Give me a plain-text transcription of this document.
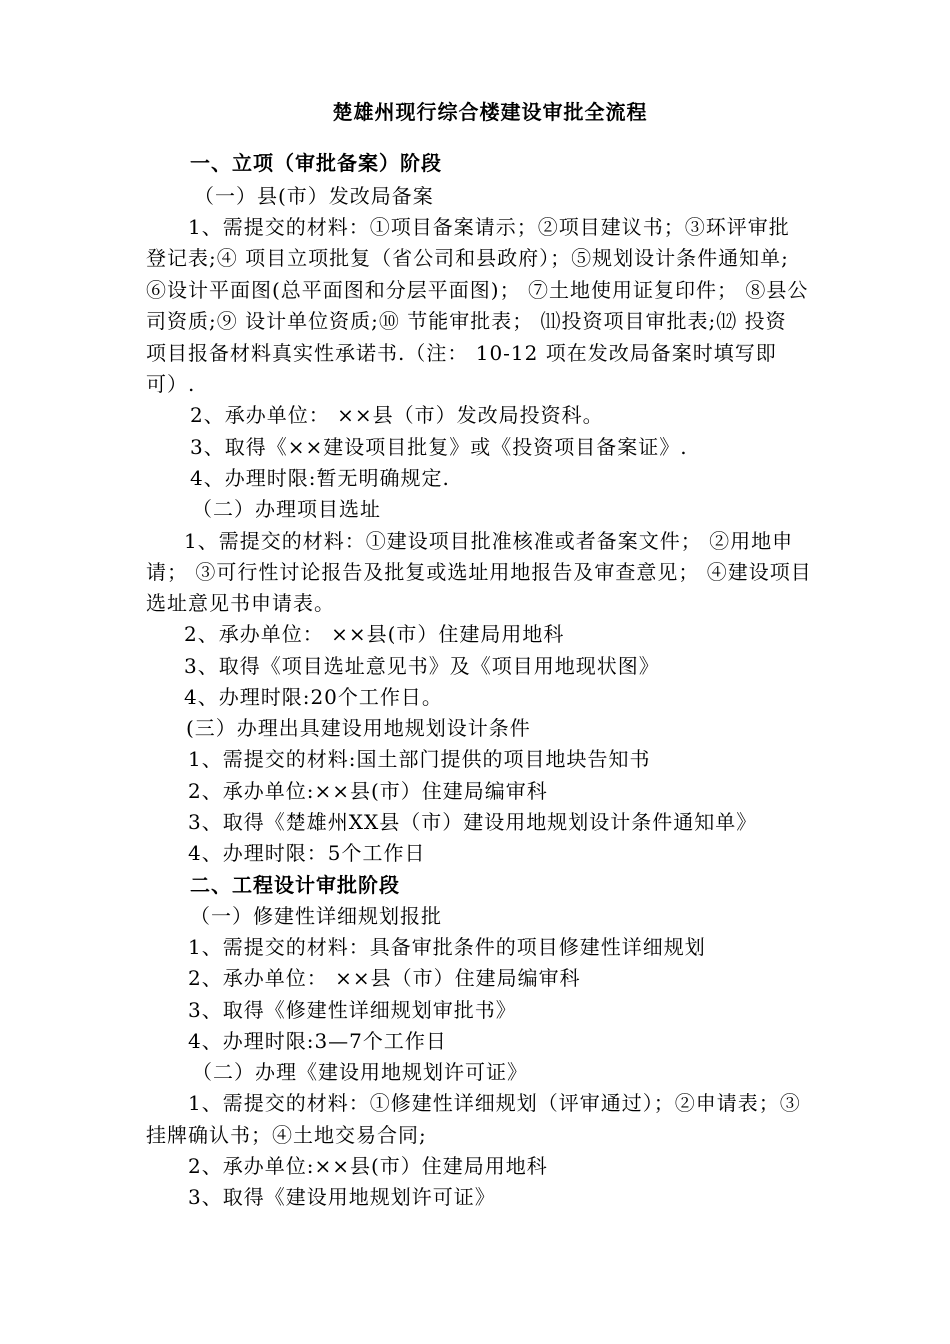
楚雄州现行综合楼建设审批全流程
一、立项（审批备案）阶段
（一）县(市）发改局备案
1、需提交的材料：①项目备案请示；②项目建议书；③环评审批
登记表;④ 项目立项批复（省公司和县政府）；⑤规划设计条件通知单;
⑥设计平面图(总平面图和分层平面图)； ⑦土地使用证复印件； ⑧县公
司资质;⑨ 设计单位资质;⑩ 节能审批表； ⑾投资项目审批表;⑿ 投资
项目报备材料真实性承诺书.（注： 10-12 项在发改局备案时填写即
可）.
2、承办单位： ××县（市）发改局投资科。
3、取得《××建设项目批复》或《投资项目备案证》.
4、办理时限:暂无明确规定.
（二）办理项目选址
1、需提交的材料：①建设项目批准核准或者备案文件； ②用地申
请； ③可行性讨论报告及批复或选址用地报告及审查意见； ④建设项目
选址意见书申请表。
2、承办单位： ××县(市）住建局用地科
3、取得《项目选址意见书》及《项目用地现状图》
4、办理时限:20个工作日。
(三）办理出具建设用地规划设计条件
1、需提交的材料:国土部门提供的项目地块告知书
2、承办单位:××县(市）住建局编审科
3、取得《楚雄州XX县（市）建设用地规划设计条件通知单》
4、办理时限：5个工作日
二、工程设计审批阶段
（一）修建性详细规划报批
1、需提交的材料：具备审批条件的项目修建性详细规划
2、承办单位： ××县（市）住建局编审科
3、取得《修建性详细规划审批书》
4、办理时限:3—7个工作日
（二）办理《建设用地规划许可证》
1、需提交的材料：①修建性详细规划（评审通过）；②申请表；③
挂牌确认书；④土地交易合同;
2、承办单位:××县(市）住建局用地科
3、取得《建设用地规划许可证》
